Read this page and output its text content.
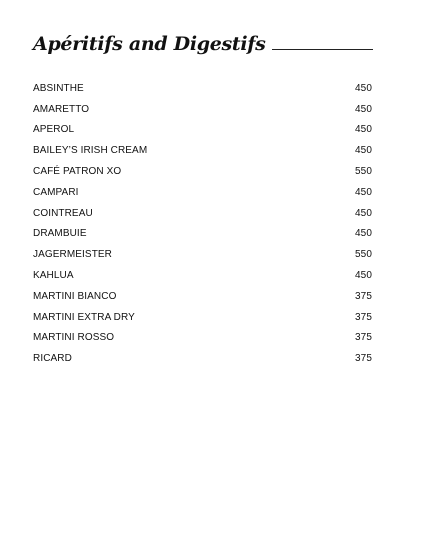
Apéritifs and Digestifs
ABSINTHE	450
AMARETTO	450
APEROL	450
BAILEY’S IRISH CREAM	450
CAFÉ PATRON XO	550
CAMPARI	450
COINTREAU	450
DRAMBUIE	450
JAGERMEISTER	550
KAHLUA	450
MARTINI BIANCO	375
MARTINI EXTRA DRY	375
MARTINI ROSSO	375
RICARD	375
